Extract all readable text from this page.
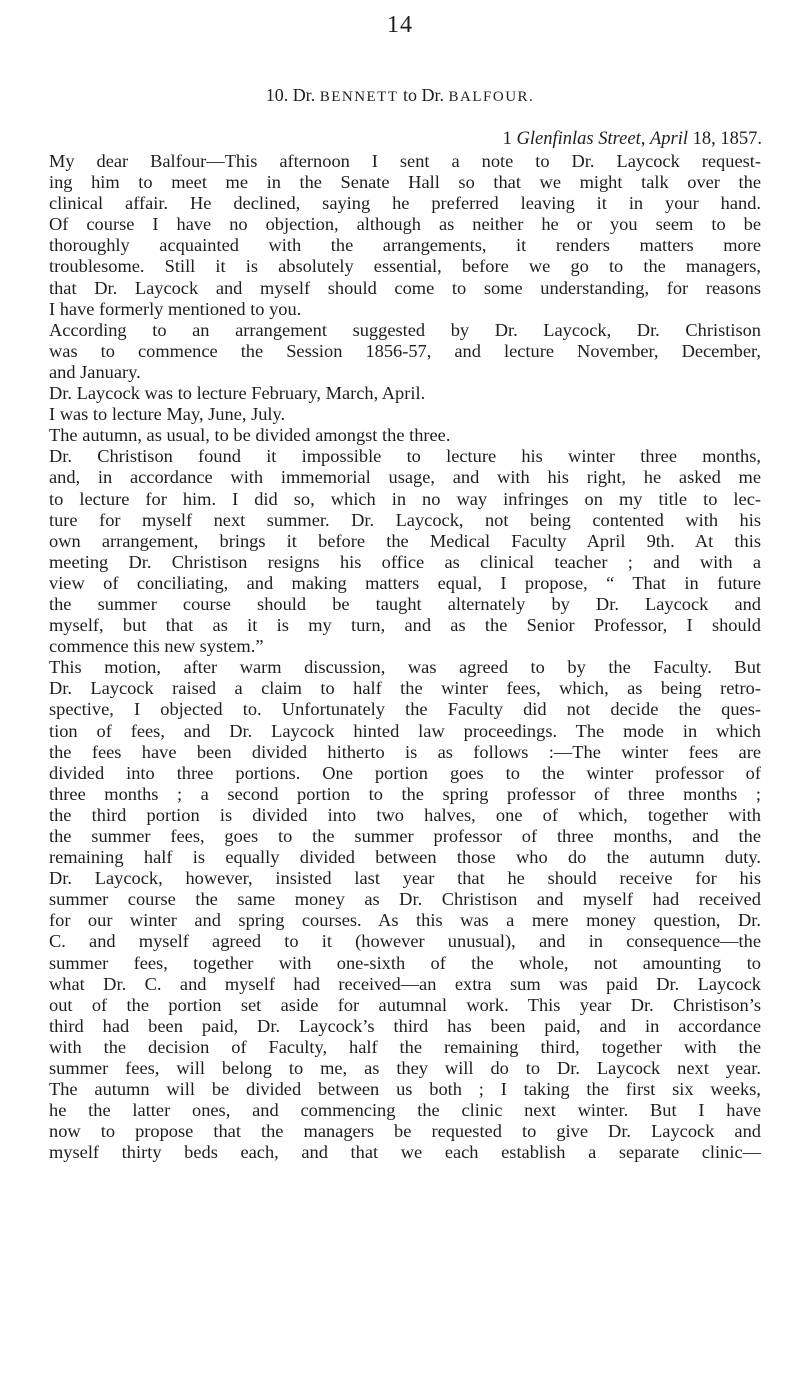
14
10. Dr. BENNETT to Dr. BALFOUR.
1 Glenfinlas Street, April 18, 1857.
My dear Balfour—This afternoon I sent a note to Dr. Laycock request-
ing him to meet me in the Senate Hall so that we might talk over the
clinical affair. He declined, saying he preferred leaving it in your hand.
Of course I have no objection, although as neither he or you seem to be
thoroughly acquainted with the arrangements, it renders matters more
troublesome. Still it is absolutely essential, before we go to the managers,
that Dr. Laycock and myself should come to some understanding, for reasons
I have formerly mentioned to you.
According to an arrangement suggested by Dr. Laycock, Dr. Christison
was to commence the Session 1856-57, and lecture November, December,
and January.
Dr. Laycock was to lecture February, March, April.
I was to lecture May, June, July.
The autumn, as usual, to be divided amongst the three.
Dr. Christison found it impossible to lecture his winter three months,
and, in accordance with immemorial usage, and with his right, he asked me
to lecture for him. I did so, which in no way infringes on my title to lec-
ture for myself next summer. Dr. Laycock, not being contented with his
own arrangement, brings it before the Medical Faculty April 9th. At this
meeting Dr. Christison resigns his office as clinical teacher ; and with a
view of conciliating, and making matters equal, I propose, “ That in future
the summer course should be taught alternately by Dr. Laycock and
myself, but that as it is my turn, and as the Senior Professor, I should
commence this new system.”
This motion, after warm discussion, was agreed to by the Faculty. But
Dr. Laycock raised a claim to half the winter fees, which, as being retro-
spective, I objected to. Unfortunately the Faculty did not decide the ques-
tion of fees, and Dr. Laycock hinted law proceedings. The mode in which
the fees have been divided hitherto is as follows :—The winter fees are
divided into three portions. One portion goes to the winter professor of
three months ; a second portion to the spring professor of three months ;
the third portion is divided into two halves, one of which, together with
the summer fees, goes to the summer professor of three months, and the
remaining half is equally divided between those who do the autumn duty.
Dr. Laycock, however, insisted last year that he should receive for his
summer course the same money as Dr. Christison and myself had received
for our winter and spring courses. As this was a mere money question, Dr.
C. and myself agreed to it (however unusual), and in consequence—the
summer fees, together with one-sixth of the whole, not amounting to
what Dr. C. and myself had received—an extra sum was paid Dr. Laycock
out of the portion set aside for autumnal work. This year Dr. Christison’s
third had been paid, Dr. Laycock’s third has been paid, and in accordance
with the decision of Faculty, half the remaining third, together with the
summer fees, will belong to me, as they will do to Dr. Laycock next year.
The autumn will be divided between us both ; I taking the first six weeks,
he the latter ones, and commencing the clinic next winter. But I have
now to propose that the managers be requested to give Dr. Laycock and
myself thirty beds each, and that we each establish a separate clinic—
